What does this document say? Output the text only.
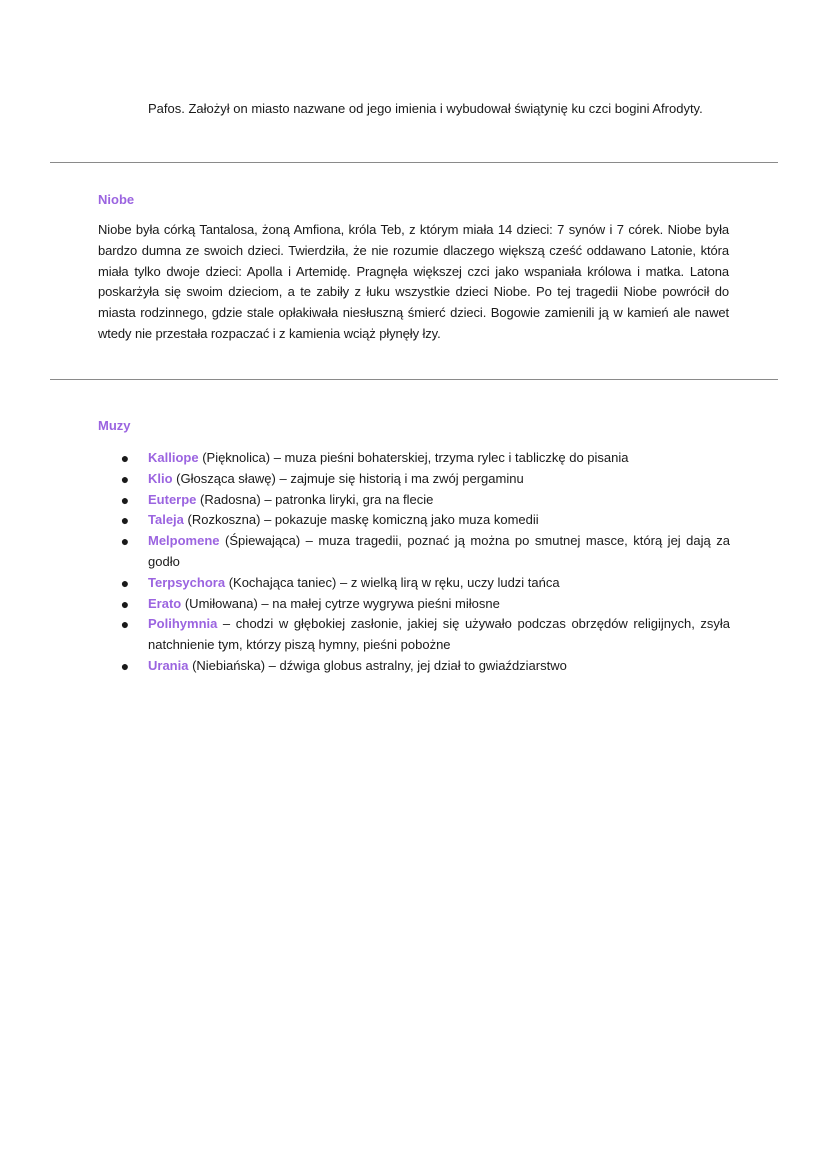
Pafos. Założył on miasto nazwane od jego imienia i wybudował świątynię ku czci bogini Afrodyty.
Niobe
Niobe była córką Tantalosa, żoną Amfiona, króla Teb, z którym miała 14 dzieci: 7 synów i 7 córek. Niobe była bardzo dumna ze swoich dzieci. Twierdziła, że nie rozumie dlaczego większą cześć oddawano Latonie, która miała tylko dwoje dzieci: Apolla i Artemidę. Pragnęła większej czci jako wspaniała królowa i matka. Latona poskarżyła się swoim dzieciom, a te zabiły z łuku wszystkie dzieci Niobe. Po tej tragedii Niobe powrócił do miasta rodzinnego, gdzie stale opłakiwała niesłuszną śmierć dzieci. Bogowie zamienili ją w kamień ale nawet wtedy nie przestała rozpaczać i z kamienia wciąż płynęły łzy.
Muzy
● Kalliope (Pięknolica) – muza pieśni bohaterskiej, trzyma rylec i tabliczkę do pisania
● Klio (Głosząca sławę) – zajmuje się historią i ma zwój pergaminu
● Euterpe (Radosna) – patronka liryki, gra na flecie
● Taleja (Rozkoszna) – pokazuje maskę komiczną jako muza komedii
● Melpomene (Śpiewająca) – muza tragedii, poznać ją można po smutnej masce, którą jej dają za godło
● Terpsychora (Kochająca taniec) – z wielką lirą w ręku, uczy ludzi tańca
● Erato (Umiłowana) – na małej cytrze wygrywa pieśni miłosne
● Polihymnia – chodzi w głębokiej zasłonie, jakiej się używało podczas obrzędów religijnych, zsyła natchnienie tym, którzy piszą hymny, pieśni pobożne
● Urania (Niebiańska) – dźwiga globus astralny, jej dział to gwiaździarstwo
